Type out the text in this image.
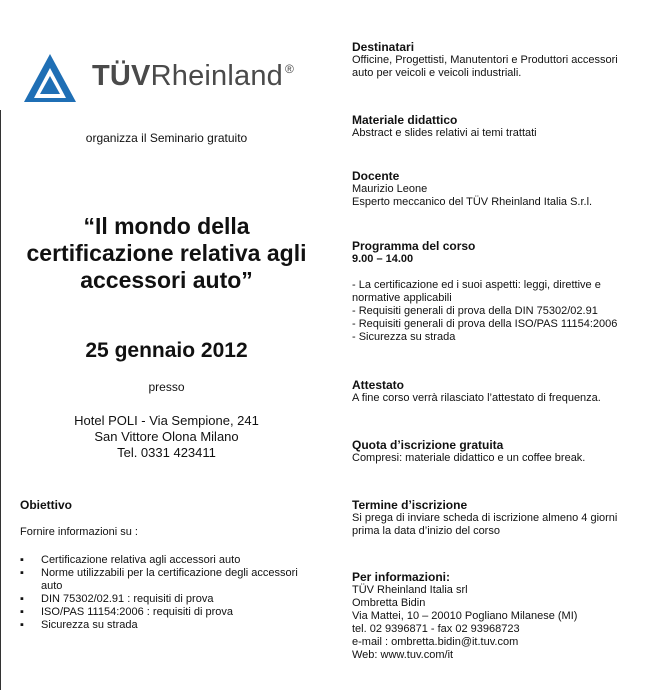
TÜVRheinland ®
organizza il Seminario gratuito
“Il mondo della
certificazione relativa agli
accessori auto”
25 gennaio 2012
presso
Hotel POLI - Via Sempione, 241
San Vittore Olona Milano
Tel. 0331 423411
Obiettivo
Fornire informazioni su :
▪ Certificazione relativa agli accessori auto
▪ Norme utilizzabili per la certificazione degli accessori auto
▪ DIN 75302/02.91 : requisiti di prova
▪ ISO/PAS 11154:2006 : requisiti di prova
▪ Sicurezza su strada
Destinatari
Officine, Progettisti, Manutentori e Produttori accessori
auto per veicoli e veicoli industriali.
Materiale didattico
Abstract e slides relativi ai temi trattati
Docente
Maurizio Leone
Esperto meccanico del TÜV Rheinland Italia S.r.l.
Programma del corso
9.00 – 14.00
- La certificazione ed i suoi aspetti: leggi, direttive e
normative applicabili
- Requisiti generali di prova della DIN 75302/02.91
- Requisiti generali di prova della ISO/PAS 11154:2006
- Sicurezza su strada
Attestato
A fine corso verrà rilasciato l’attestato di frequenza.
Quota d’iscrizione gratuita
Compresi: materiale didattico e un coffee break.
Termine d’iscrizione
Si prega di inviare scheda di iscrizione almeno 4 giorni
prima la data d’inizio del corso
Per informazioni:
TÜV Rheinland Italia srl
Ombretta Bidin
Via Mattei, 10 – 20010 Pogliano Milanese (MI)
tel. 02 9396871 - fax 02 93968723
e-mail : ombretta.bidin@it.tuv.com
Web: www.tuv.com/it
